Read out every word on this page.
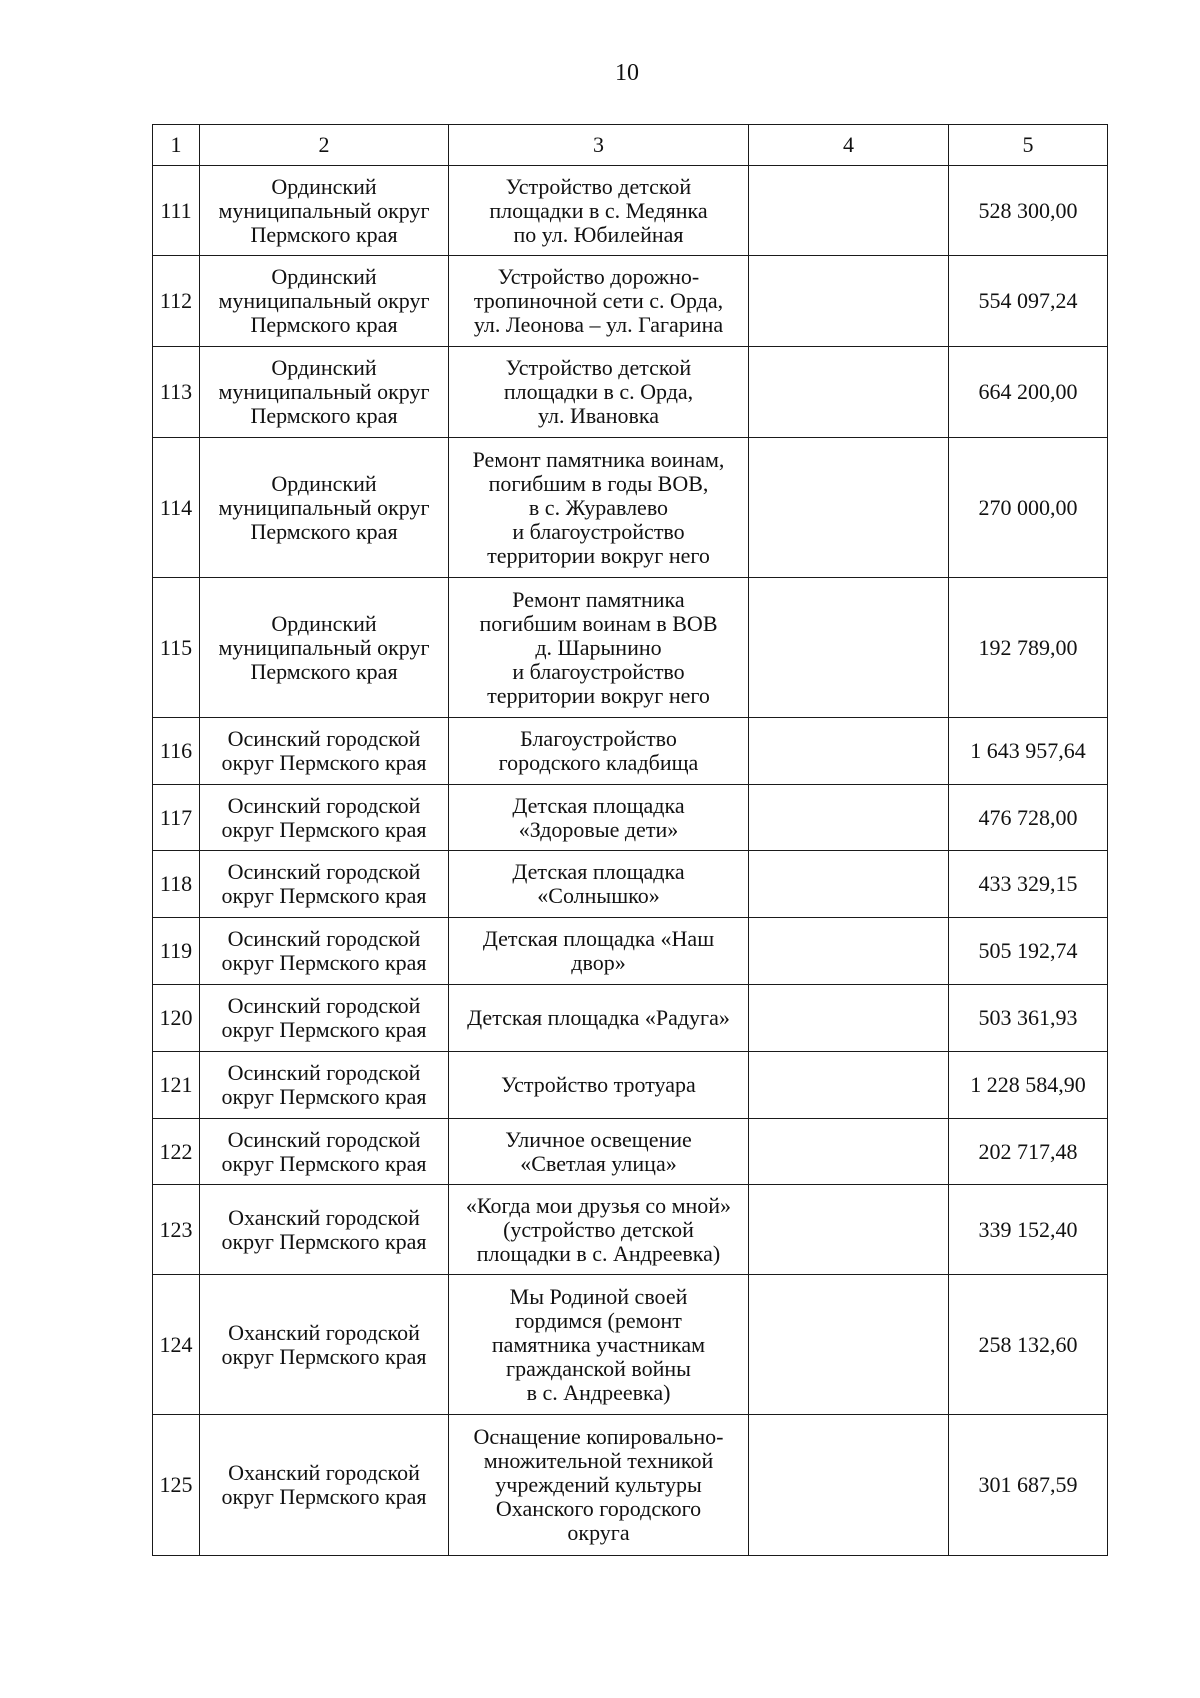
10
1	2	3	4	5
111	Ординский
муниципальный округ
Пермского края	Устройство детской
площадки в с. Медянка
по ул. Юбилейная		528 300,00
112	Ординский
муниципальный округ
Пермского края	Устройство дорожно-
тропиночной сети с. Орда,
ул. Леонова – ул. Гагарина		554 097,24
113	Ординский
муниципальный округ
Пермского края	Устройство детской
площадки в с. Орда,
ул. Ивановка		664 200,00
114	Ординский
муниципальный округ
Пермского края	Ремонт памятника воинам,
погибшим в годы ВОВ,
в с. Журавлево
и благоустройство
территории вокруг него		270 000,00
115	Ординский
муниципальный округ
Пермского края	Ремонт памятника
погибшим воинам в ВОВ
д. Шарынино
и благоустройство
территории вокруг него		192 789,00
116	Осинский городской
округ Пермского края	Благоустройство
городского кладбища		1 643 957,64
117	Осинский городской
округ Пермского края	Детская площадка
«Здоровые дети»		476 728,00
118	Осинский городской
округ Пермского края	Детская площадка
«Солнышко»		433 329,15
119	Осинский городской
округ Пермского края	Детская площадка «Наш
двор»		505 192,74
120	Осинский городской
округ Пермского края	Детская площадка «Радуга»		503 361,93
121	Осинский городской
округ Пермского края	Устройство тротуара		1 228 584,90
122	Осинский городской
округ Пермского края	Уличное освещение
«Светлая улица»		202 717,48
123	Оханский городской
округ Пермского края	«Когда мои друзья со мной»
(устройство детской
площадки в с. Андреевка)		339 152,40
124	Оханский городской
округ Пермского края	Мы Родиной своей
гордимся (ремонт
памятника участникам
гражданской войны
в с. Андреевка)		258 132,60
125	Оханский городской
округ Пермского края	Оснащение копировально-
множительной техникой
учреждений культуры
Оханского городского
округа		301 687,59
